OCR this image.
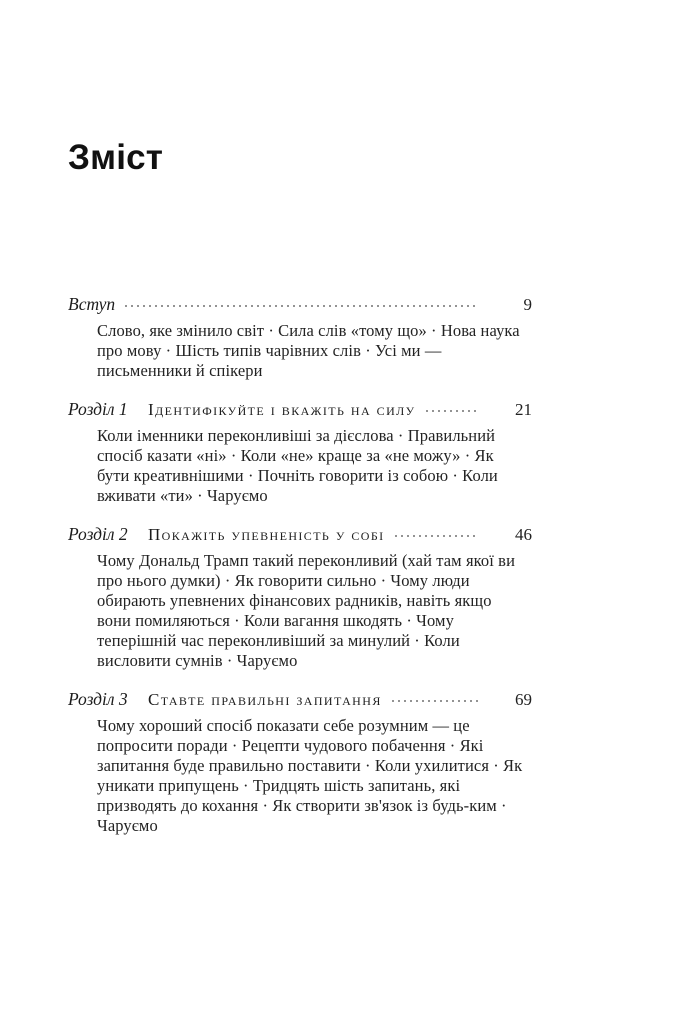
Зміст
Вступ	9

Слово, яке змінило світ · Сила слів «тому що» · Нова наука про мову · Шість типів чарівних слів · Усі ми — письменники й спікери

Розділ 1	Ідентифікуйте і вкажіть на силу	21

Коли іменники переконливіші за дієслова · Правильний спосіб казати «ні» · Коли «не» краще за «не можу» · Як бути креативнішими · Почніть говорити із собою · Коли вживати «ти» · Чаруємо

Розділ 2	Покажіть упевненість у собі	46

Чому Дональд Трамп такий переконливий (хай там якої ви про нього думки) · Як говорити сильно · Чому люди обирають упевнених фінансових радників, навіть якщо вони помиляються · Коли вагання шкодять · Чому теперішній час переконливіший за минулий · Коли висловити сумнів · Чаруємо

Розділ 3	Ставте правильні запитання	69

Чому хороший спосіб показати себе розумним — це попросити поради · Рецепти чудового побачення · Які запитання буде правильно поставити · Коли ухилитися · Як уникати припущень · Тридцять шість запитань, які призводять до кохання · Як створити зв'язок із будь-ким · Чаруємо
